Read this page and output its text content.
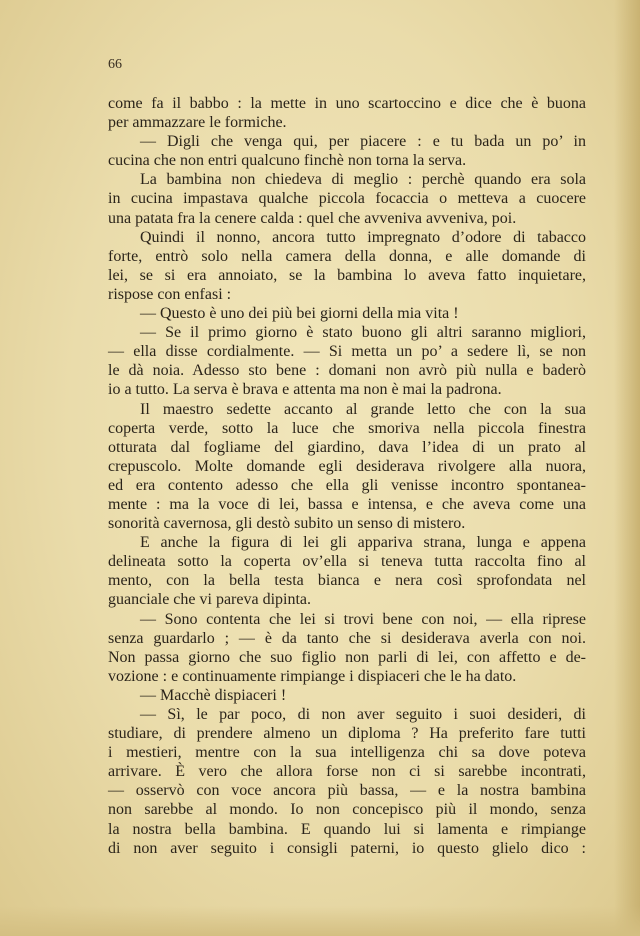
66
come fa il babbo : la mette in uno scartoccino e dice che è buona
per ammazzare le formiche.
— Digli che venga qui, per piacere : e tu bada un po’ in
cucina che non entri qualcuno finchè non torna la serva.
La bambina non chiedeva di meglio : perchè quando era sola
in cucina impastava qualche piccola focaccia o metteva a cuocere
una patata fra la cenere calda : quel che avveniva avveniva, poi.
Quindi il nonno, ancora tutto impregnato d’odore di tabacco
forte, entrò solo nella camera della donna, e alle domande di
lei, se si era annoiato, se la bambina lo aveva fatto inquietare,
rispose con enfasi :
— Questo è uno dei più bei giorni della mia vita !
— Se il primo giorno è stato buono gli altri saranno migliori,
— ella disse cordialmente. — Si metta un po’ a sedere lì, se non
le dà noia. Adesso sto bene : domani non avrò più nulla e baderò
io a tutto. La serva è brava e attenta ma non è mai la padrona.
Il maestro sedette accanto al grande letto che con la sua
coperta verde, sotto la luce che smoriva nella piccola finestra
otturata dal fogliame del giardino, dava l’idea di un prato al
crepuscolo. Molte domande egli desiderava rivolgere alla nuora,
ed era contento adesso che ella gli venisse incontro spontanea-
mente : ma la voce di lei, bassa e intensa, e che aveva come una
sonorità cavernosa, gli destò subito un senso di mistero.
E anche la figura di lei gli appariva strana, lunga e appena
delineata sotto la coperta ov’ella si teneva tutta raccolta fino al
mento, con la bella testa bianca e nera così sprofondata nel
guanciale che vi pareva dipinta.
— Sono contenta che lei si trovi bene con noi, — ella riprese
senza guardarlo ; — è da tanto che si desiderava averla con noi.
Non passa giorno che suo figlio non parli di lei, con affetto e de-
vozione : e continuamente rimpiange i dispiaceri che le ha dato.
— Macchè dispiaceri !
— Sì, le par poco, di non aver seguito i suoi desideri, di
studiare, di prendere almeno un diploma ? Ha preferito fare tutti
i mestieri, mentre con la sua intelligenza chi sa dove poteva
arrivare. È vero che allora forse non ci si sarebbe incontrati,
— osservò con voce ancora più bassa, — e la nostra bambina
non sarebbe al mondo. Io non concepisco più il mondo, senza
la nostra bella bambina. E quando lui si lamenta e rimpiange
di non aver seguito i consigli paterni, io questo glielo dico :
